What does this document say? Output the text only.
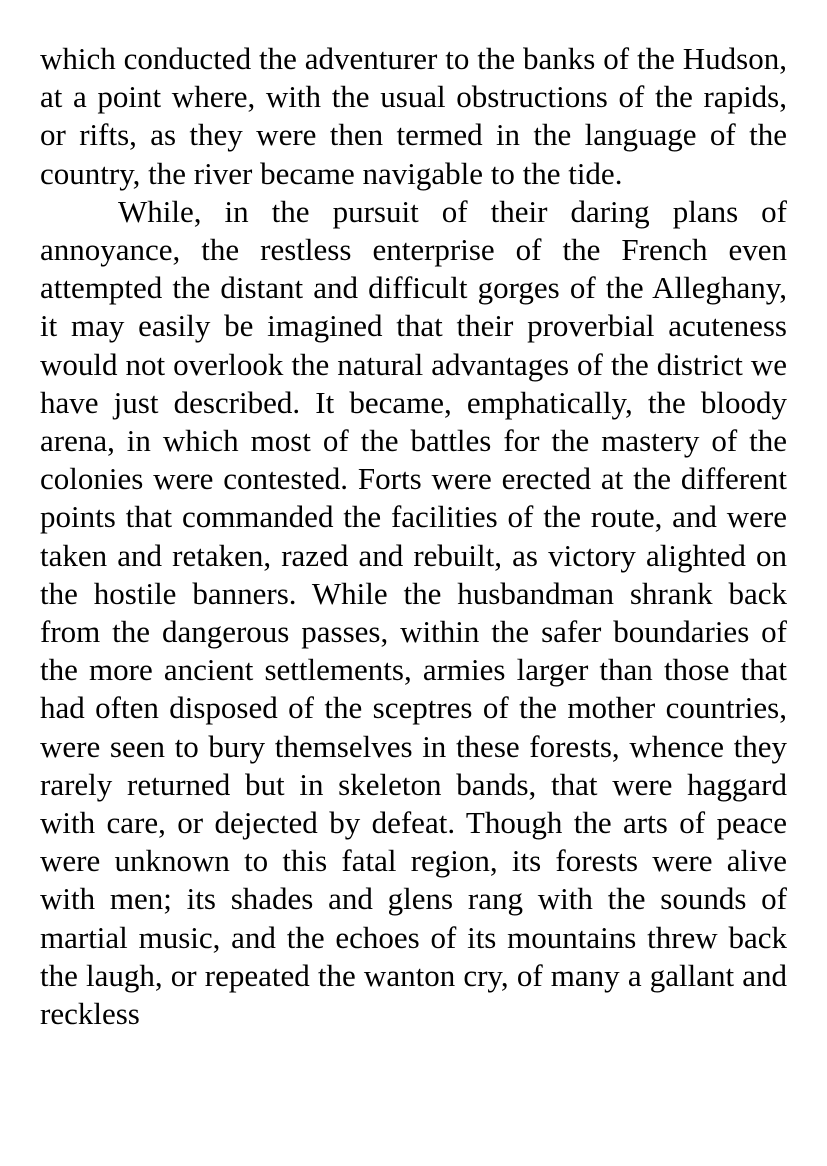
which conducted the adventurer to the banks of the Hudson, at a point where, with the usual obstructions of the rapids, or rifts, as they were then termed in the language of the country, the river became navigable to the tide.

While, in the pursuit of their daring plans of annoyance, the restless enterprise of the French even attempted the distant and difficult gorges of the Alleghany, it may easily be imagined that their proverbial acuteness would not overlook the natural advantages of the district we have just described. It became, emphatically, the bloody arena, in which most of the battles for the mastery of the colonies were contested. Forts were erected at the different points that commanded the facilities of the route, and were taken and retaken, razed and rebuilt, as victory alighted on the hostile banners. While the husbandman shrank back from the dangerous passes, within the safer boundaries of the more ancient settlements, armies larger than those that had often disposed of the sceptres of the mother countries, were seen to bury themselves in these forests, whence they rarely returned but in skeleton bands, that were haggard with care, or dejected by defeat. Though the arts of peace were unknown to this fatal region, its forests were alive with men; its shades and glens rang with the sounds of martial music, and the echoes of its mountains threw back the laugh, or repeated the wanton cry, of many a gallant and reckless
